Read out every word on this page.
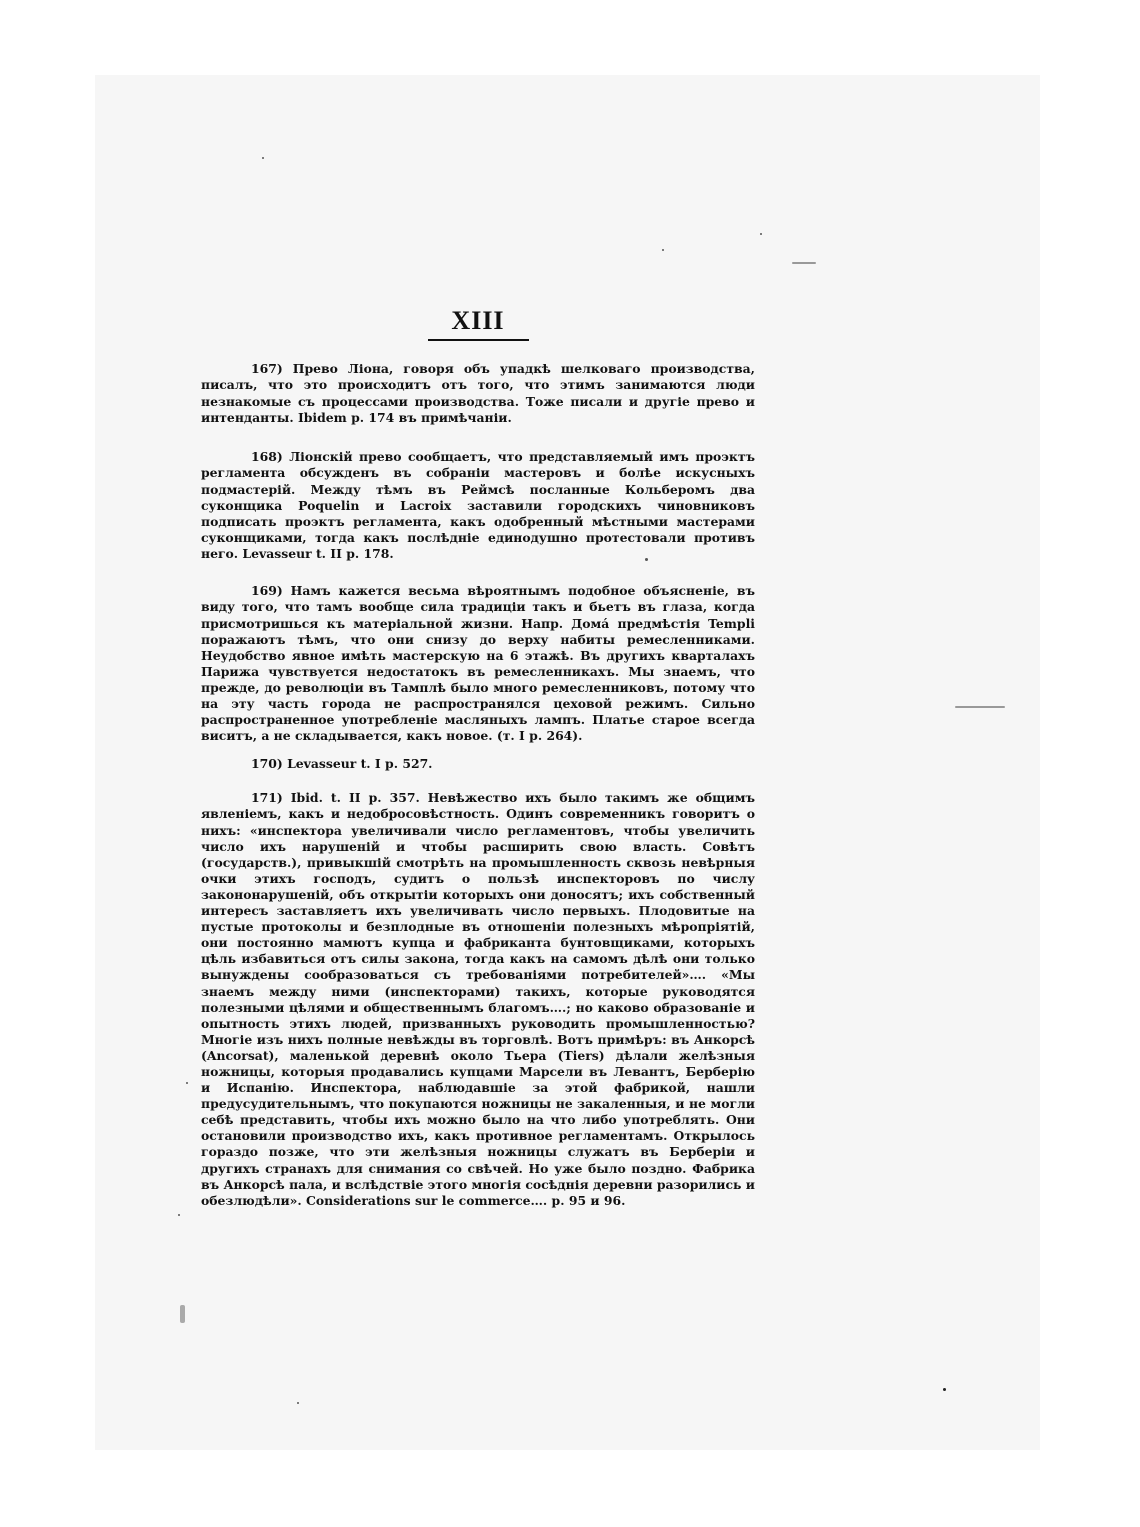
XIII

167) Прево Ліона, говоря объ упадкѣ шелковаго производства, писалъ, что это происходитъ отъ того, что этимъ занимаются люди незнакомые съ процессами производства. Тоже писали и другіе прево и интенданты. Ibidem p. 174 въ примѣчаніи.

168) Ліонскій прево сообщаетъ, что представляемый имъ проэктъ регламента обсужденъ въ собраніи мастеровъ и болѣе искусныхъ подмастерій. Между тѣмъ въ Реймсѣ посланные Кольберомъ два суконщика Poquelin и Lacroix заставили городскихъ чиновниковъ подписать проэктъ регламента, какъ одобренный мѣстными мастерами суконщиками, тогда какъ послѣдніе единодушно протестовали противъ него. Levasseur t. II p. 178.

169) Намъ кажется весьма вѣроятнымъ подобное объясненіе, въ виду того, что тамъ вообще сила традиціи такъ и бьетъ въ глаза, когда присмотришься къ матеріальной жизни. Напр. Домá предмѣстія Templi поражаютъ тѣмъ, что они снизу до верху набиты ремесленниками. Неудобство явное имѣть мастерскую на 6 этажѣ. Въ другихъ кварталахъ Парижа чувствуется недостатокъ въ ремесленникахъ. Мы знаемъ, что прежде, до революціи въ Тамплѣ было много ремесленниковъ, потому что на эту часть города не распространялся цеховой режимъ. Сильно распространенное употребленіе масляныхъ лампъ. Платье старое всегда виситъ, а не складывается, какъ новое. (т. I р. 264).

170) Levasseur t. I p. 527.

171) Ibid. t. II p. 357. Невѣжество ихъ было такимъ же общимъ явленіемъ, какъ и недобросовѣстность. Одинъ современникъ говоритъ о нихъ: «инспектора увеличивали число регламентовъ, чтобы увеличить число ихъ нарушеній и чтобы расширить свою власть. Совѣтъ (государств.), привыкшій смотрѣть на промышленность сквозь невѣрныя очки этихъ господъ, судитъ о пользѣ инспекторовъ по числу закононарушеній, объ открытіи которыхъ они доносятъ; ихъ собственный интересъ заставляетъ ихъ увеличивать число первыхъ. Плодовитые на пустые протоколы и безплодные въ отношеніи полезныхъ мѣропріятій, они постоянно мамютъ купца и фабриканта бунтовщиками, которыхъ цѣль избавиться отъ силы закона, тогда какъ на самомъ дѣлѣ они только вынуждены сообразоваться съ требованіями потребителей»…. «Мы знаемъ между ними (инспекторами) такихъ, которые руководятся полезными цѣлями и общественнымъ благомъ….; но каково образованіе и опытность этихъ людей, призванныхъ руководить промышленностью? Многіе изъ нихъ полные невѣжды въ торговлѣ. Вотъ примѣръ: въ Анкорсѣ (Ancorsat), маленькой деревнѣ около Тьера (Tiers) дѣлали желѣзныя ножницы, которыя продавались купцами Марсели въ Левантъ, Берберію и Испанію. Инспектора, наблюдавшіе за этой фабрикой, нашли предусудительнымъ, что покупаются ножницы не закаленныя, и не могли себѣ представить, чтобы ихъ можно было на что либо употреблять. Они остановили производство ихъ, какъ противное регламентамъ. Открылось гораздо позже, что эти желѣзныя ножницы служатъ въ Берберіи и другихъ странахъ для снимания со свѣчей. Но уже было поздно. Фабрика въ Анкорсѣ пала, и вслѣдствіе этого многія сосѣднія деревни разорились и обезлюдѣли». Considerations sur le commerce…. p. 95 и 96.
